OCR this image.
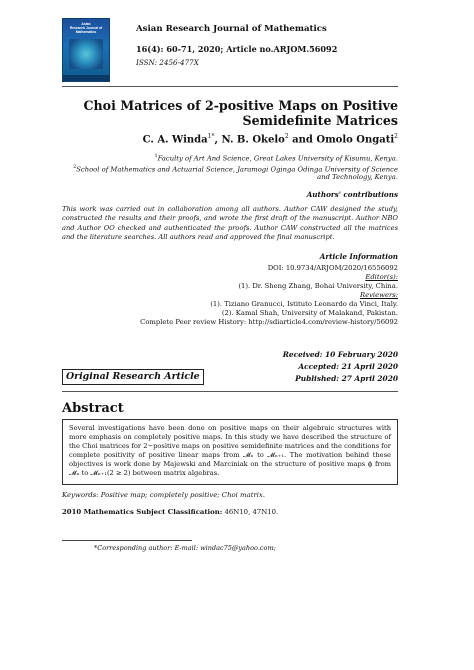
Asian
Research Journal of
Mathematics	Asian Research Journal of Mathematics
16(4): 60-71, 2020; Article no.ARJOM.56092
ISSN: 2456-477X
Choi Matrices of 2-positive Maps on Positive
Semidefinite Matrices
C. A. Winda$^{1*}$, N. B. Okelo$^2$ and Omolo Ongati$^2$
$^1$Faculty of Art And Science, Great Lakes University of Kisumu, Kenya.
$^2$School of Mathematics and Actuarial Science, Jaramogi Oginga Odinga University of Science
and Technology, Kenya.
Authors' contributions
This work was carried out in collaboration among all authors. Author CAW designed the study, constructed the results and their proofs, and wrote the first draft of the manuscript. Author NBO and Author OO checked and authenticated the proofs. Author CAW constructed all the matrices and the literature searches. All authors read and approved the final manuscript.
Article Information
DOI: 10.9734/ARJOM/2020/16556092
Editor(s):
(1). Dr. Sheng Zhang, Bohai University, China.
Reviewers:
(1). Tiziano Granucci, Istituto Leonardo da Vinci, Italy.
(2). Kamal Shah, University of Malakand, Pakistan.
Complete Peer review History: http://sdiarticle4.com/review-history/56092
Received: 10 February 2020
Accepted: 21 April 2020
Published: 27 April 2020
Original Research Article
Abstract
Several investigations have been done on positive maps on their algebraic structures with more emphasis on completely positive maps. In this study we have described the structure of the Choi matrices for 2−positive maps on positive semidefinite matrices and the conditions for complete positivity of positive linear maps from 𝓜ₙ to 𝓜ₙ₊₁. The motivation behind these objectives is work done by Majewski and Marciniak on the structure of positive maps ϕ from 𝓜ₙ to 𝓜ₙ₊₁(2 ≥ 2) between matrix algebras.
Keywords: Positive map; completely positive; Choi matrix.
2010 Mathematics Subject Classification: 46N10, 47N10.
*Corresponding author: E-mail: windac75@yahoo.com;
